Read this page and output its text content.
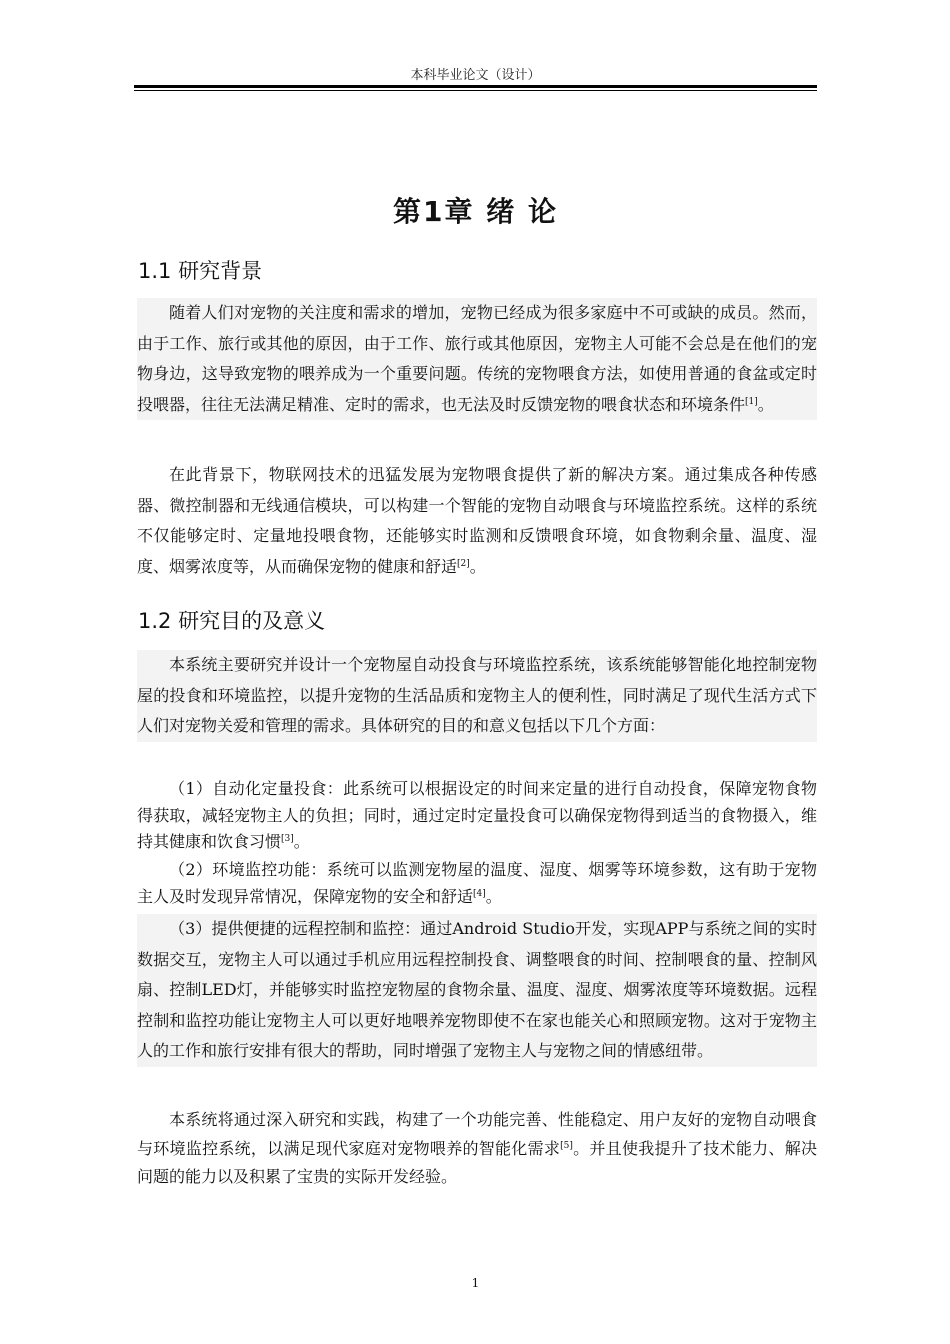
本科毕业论文（设计）
第1章 绪 论
1.1 研究背景

随着人们对宠物的关注度和需求的增加，宠物已经成为很多家庭中不可或缺的成员。然而，由于工作、旅行或其他的原因，由于工作、旅行或其他原因，宠物主人可能不会总是在他们的宠物身边，这导致宠物的喂养成为一个重要问题。传统的宠物喂食方法，如使用普通的食盆或定时投喂器，往往无法满足精准、定时的需求，也无法及时反馈宠物的喂食状态和环境条件[1]。

在此背景下，物联网技术的迅猛发展为宠物喂食提供了新的解决方案。通过集成各种传感器、微控制器和无线通信模块，可以构建一个智能的宠物自动喂食与环境监控系统。这样的系统不仅能够定时、定量地投喂食物，还能够实时监测和反馈喂食环境，如食物剩余量、温度、湿度、烟雾浓度等，从而确保宠物的健康和舒适[2]。

1.2 研究目的及意义

本系统主要研究并设计一个宠物屋自动投食与环境监控系统，该系统能够智能化地控制宠物屋的投食和环境监控，以提升宠物的生活品质和宠物主人的便利性，同时满足了现代生活方式下人们对宠物关爱和管理的需求。具体研究的目的和意义包括以下几个方面：

（1）自动化定量投食：此系统可以根据设定的时间来定量的进行自动投食，保障宠物食物得获取，减轻宠物主人的负担；同时，通过定时定量投食可以确保宠物得到适当的食物摄入，维持其健康和饮食习惯[3]。

（2）环境监控功能：系统可以监测宠物屋的温度、湿度、烟雾等环境参数，这有助于宠物主人及时发现异常情况，保障宠物的安全和舒适[4]。

（3）提供便捷的远程控制和监控：通过Android Studio开发，实现APP与系统之间的实时数据交互，宠物主人可以通过手机应用远程控制投食、调整喂食的时间、控制喂食的量、控制风扇、控制LED灯，并能够实时监控宠物屋的食物余量、温度、湿度、烟雾浓度等环境数据。远程控制和监控功能让宠物主人可以更好地喂养宠物即使不在家也能关心和照顾宠物。这对于宠物主人的工作和旅行安排有很大的帮助，同时增强了宠物主人与宠物之间的情感纽带。

本系统将通过深入研究和实践，构建了一个功能完善、性能稳定、用户友好的宠物自动喂食与环境监控系统，以满足现代家庭对宠物喂养的智能化需求[5]。并且使我提升了技术能力、解决问题的能力以及积累了宝贵的实际开发经验。

1
